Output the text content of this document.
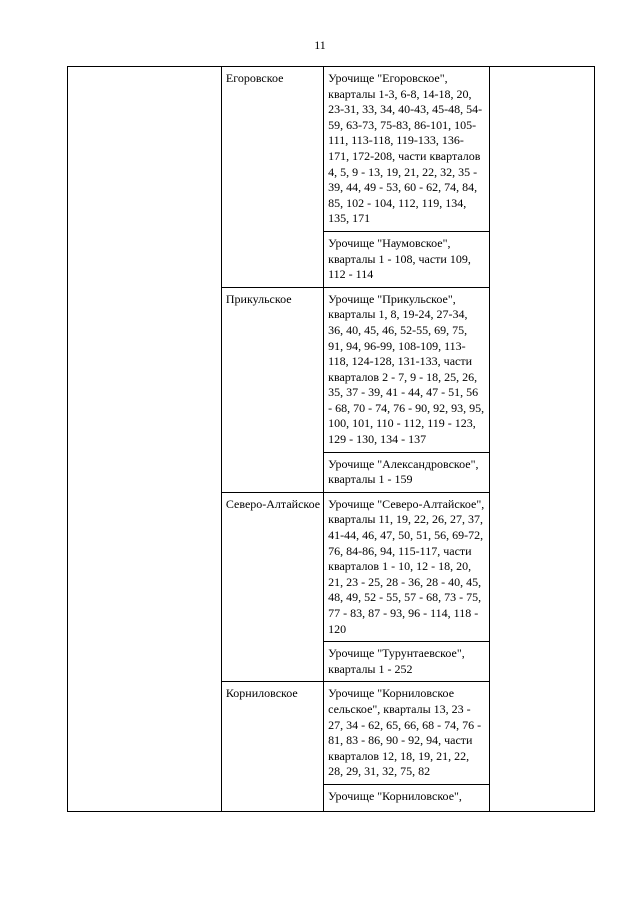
11
	Егоровское	Урочище "Егоровское", кварталы 1-3, 6-8, 14-18, 20, 23-31, 33, 34, 40-43, 45-48, 54-59, 63-73, 75-83, 86-101, 105-111, 113-118, 119-133, 136-171, 172-208, части кварталов 4, 5, 9 - 13, 19, 21, 22, 32, 35 - 39, 44, 49 - 53, 60 - 62, 74, 84, 85, 102 - 104, 112, 119, 134, 135, 171	
		Урочище "Наумовское", кварталы 1 - 108, части 109, 112 - 114	
	Прикульское	Урочище "Прикульское", кварталы 1, 8, 19-24, 27-34, 36, 40, 45, 46, 52-55, 69, 75, 91, 94, 96-99, 108-109, 113-118, 124-128, 131-133, части кварталов 2 - 7, 9 - 18, 25, 26, 35, 37 - 39, 41 - 44, 47 - 51, 56 - 68, 70 - 74, 76 - 90, 92, 93, 95, 100, 101, 110 - 112, 119 - 123, 129 - 130, 134 - 137	
		Урочище "Александровское", кварталы 1 - 159	
	Северо-Алтайское	Урочище "Северо-Алтайское", кварталы 11, 19, 22, 26, 27, 37, 41-44, 46, 47, 50, 51, 56, 69-72, 76, 84-86, 94, 115-117, части кварталов 1 - 10, 12 - 18, 20, 21, 23 - 25, 28 - 36, 28 - 40, 45, 48, 49, 52 - 55, 57 - 68, 73 - 75, 77 - 83, 87 - 93, 96 - 114, 118 - 120	
		Урочище "Турунтаевское", кварталы 1 - 252	
	Корниловское	Урочище "Корниловское сельское", кварталы 13, 23 - 27, 34 - 62, 65, 66, 68 - 74, 76 - 81, 83 - 86, 90 - 92, 94, части кварталов 12, 18, 19, 21, 22, 28, 29, 31, 32, 75, 82	
		Урочище "Корниловское",	
